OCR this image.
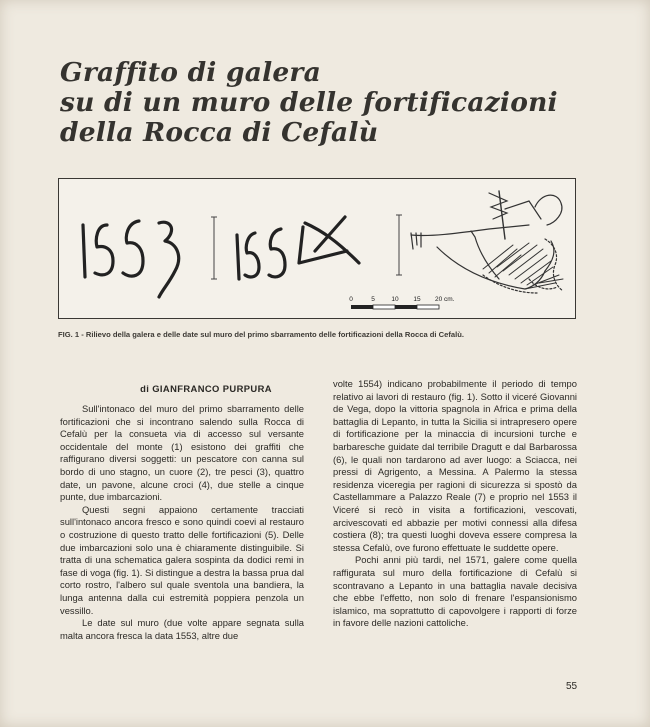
Graffito di galera
su di un muro delle fortificazioni
della Rocca di Cefalù
0	5	10 15 20 cm.
FIG. 1 - Rilievo della galera e delle date sul muro del primo sbarramento delle fortificazioni della Rocca di Cefalù.
di GIANFRANCO PURPURA

Sull'intonaco del muro del primo sbarramento delle fortificazioni che si incontrano salendo sulla Rocca di Cefalù per la consueta via di accesso sul versante occidentale del monte (1) esistono dei graffiti che raffigurano diversi soggetti: un pescatore con canna sul bordo di uno stagno, un cuore (2), tre pesci (3), quattro date, un pavone, alcune croci (4), due stelle a cinque punte, due imbarcazioni.

Questi segni appaiono certamente tracciati sull'intonaco ancora fresco e sono quindi coevi al restauro o costruzione di questo tratto delle fortificazioni (5). Delle due imbarcazioni solo una è chiaramente distinguibile. Si tratta di una schematica galera sospinta da dodici remi in fase di voga (fig. 1). Si distingue a destra la bassa prua dal corto rostro, l'albero sul quale sventola una bandiera, la lunga antenna dalla cui estremità poppiera penzola un vessillo.

Le date sul muro (due volte appare segnata sulla malta ancora fresca la data 1553, altre due

volte 1554) indicano probabilmente il periodo di tempo relativo ai lavori di restauro (fig. 1). Sotto il viceré Giovanni de Vega, dopo la vittoria spagnola in Africa e prima della battaglia di Lepanto, in tutta la Sicilia si intrapresero opere di fortificazione per la minaccia di incursioni turche e barbaresche guidate dal terribile Dragutt e dal Barbarossa (6), le quali non tardarono ad aver luogo: a Sciacca, nei pressi di Agrigento, a Messina. A Palermo la stessa residenza viceregia per ragioni di sicurezza si spostò da Castellammare a Palazzo Reale (7) e proprio nel 1553 il Viceré si recò in visita a fortificazioni, vescovati, arcivescovati ed abbazie per motivi connessi alla difesa costiera (8); tra questi luoghi doveva essere compresa la stessa Cefalù, ove furono effettuate le suddette opere.

Pochi anni più tardi, nel 1571, galere come quella raffigurata sul muro della fortificazione di Cefalù si scontravano a Lepanto in una battaglia navale decisiva che ebbe l'effetto, non solo di frenare l'espansionismo islamico, ma soprattutto di capovolgere i rapporti di forze in favore delle nazioni cattoliche.

55
